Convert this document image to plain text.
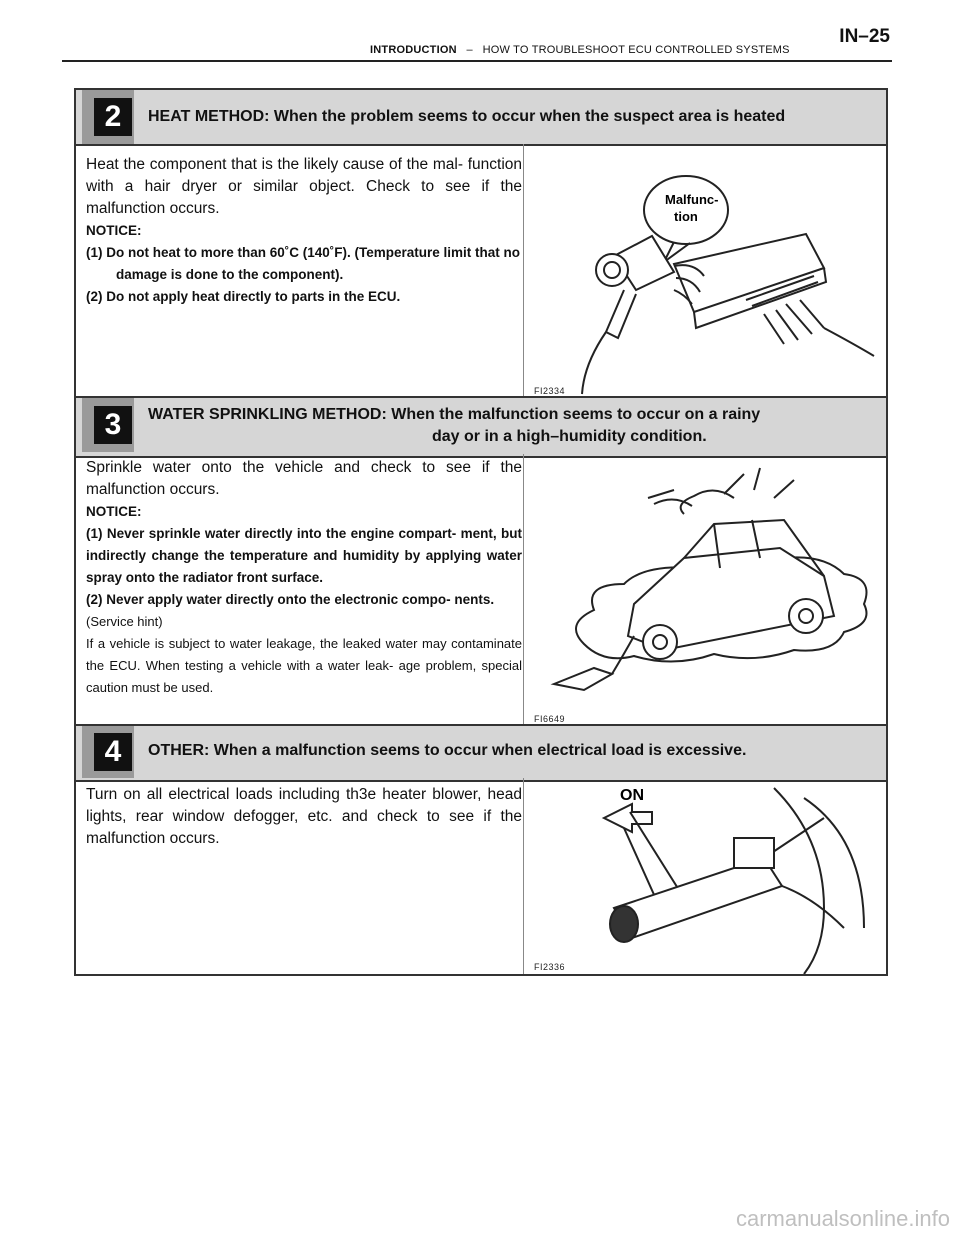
IN–25
INTRODUCTION – HOW TO TROUBLESHOOT ECU CONTROLLED SYSTEMS
2	HEAT METHOD: When the problem seems to occur when the suspect area is heated
Heat the component that is the likely cause of the mal- function with a hair dryer or similar object. Check to see if the malfunction occurs.
NOTICE:
(1) Do not heat to more than 60˚C (140˚F). (Temperature limit that no damage is done to the component).
(2) Do not apply heat directly to parts in the ECU.
Malfunc-
tion
FI2334
3	WATER SPRINKLING METHOD: When the malfunction seems to occur on a rainy
day or in a high–humidity condition.
Sprinkle water onto the vehicle and check to see if the malfunction occurs.
NOTICE:
(1) Never sprinkle water directly into the engine compart- ment, but indirectly change the temperature and humidity by applying water spray onto the radiator front surface.
(2) Never apply water directly onto the electronic compo- nents.
(Service hint)
If a vehicle is subject to water leakage, the leaked water may contaminate the ECU. When testing a vehicle with a water leak- age problem, special caution must be used.
FI6649
4	OTHER: When a malfunction seems to occur when electrical load is excessive.
Turn on all electrical loads including th3e heater blower, head lights, rear window defogger, etc. and check to see if the malfunction occurs.
ON
FI2336
carmanualsonline.info
